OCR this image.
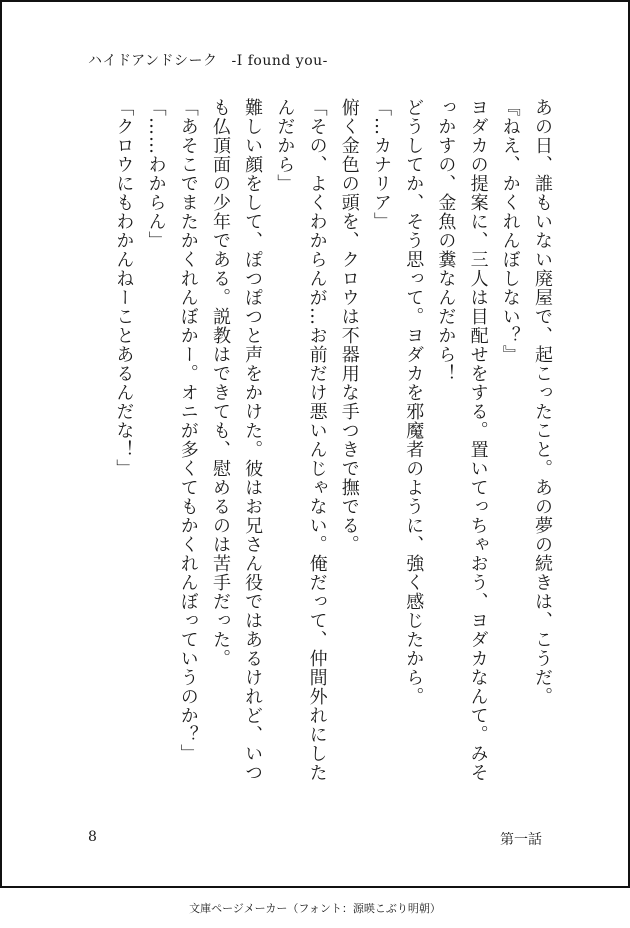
ハイドアンドシーク ‐I found you‐

あの日、誰もいない廃屋で、起こったこと。あの夢の続きは、こうだ。

『ねえ、かくれんぼしない？』

ヨダカの提案に、三人は目配せをする。置いてっちゃおう、ヨダカなんて。みそっかすの、金魚の糞なんだから！

どうしてか、そう思って。ヨダカを邪魔者のように、強く感じたから。

「…カナリア」

俯く金色の頭を、クロウは不器用な手つきで撫でる。

「その、よくわからんが…お前だけ悪いんじゃない。俺だって、仲間外れにしたんだから」

難しい顔をして、ぽつぽつと声をかけた。彼はお兄さん役ではあるけれど、いつも仏頂面の少年である。説教はできても、慰めるのは苦手だった。

「あそこでまたかくれんぼかー。オニが多くてもかくれんぼっていうのか？」

「……わからん」

「クロウにもわかんねーことあるんだな！」

8	第一話
文庫ページメーカー（フォント：源暎こぶり明朝）
